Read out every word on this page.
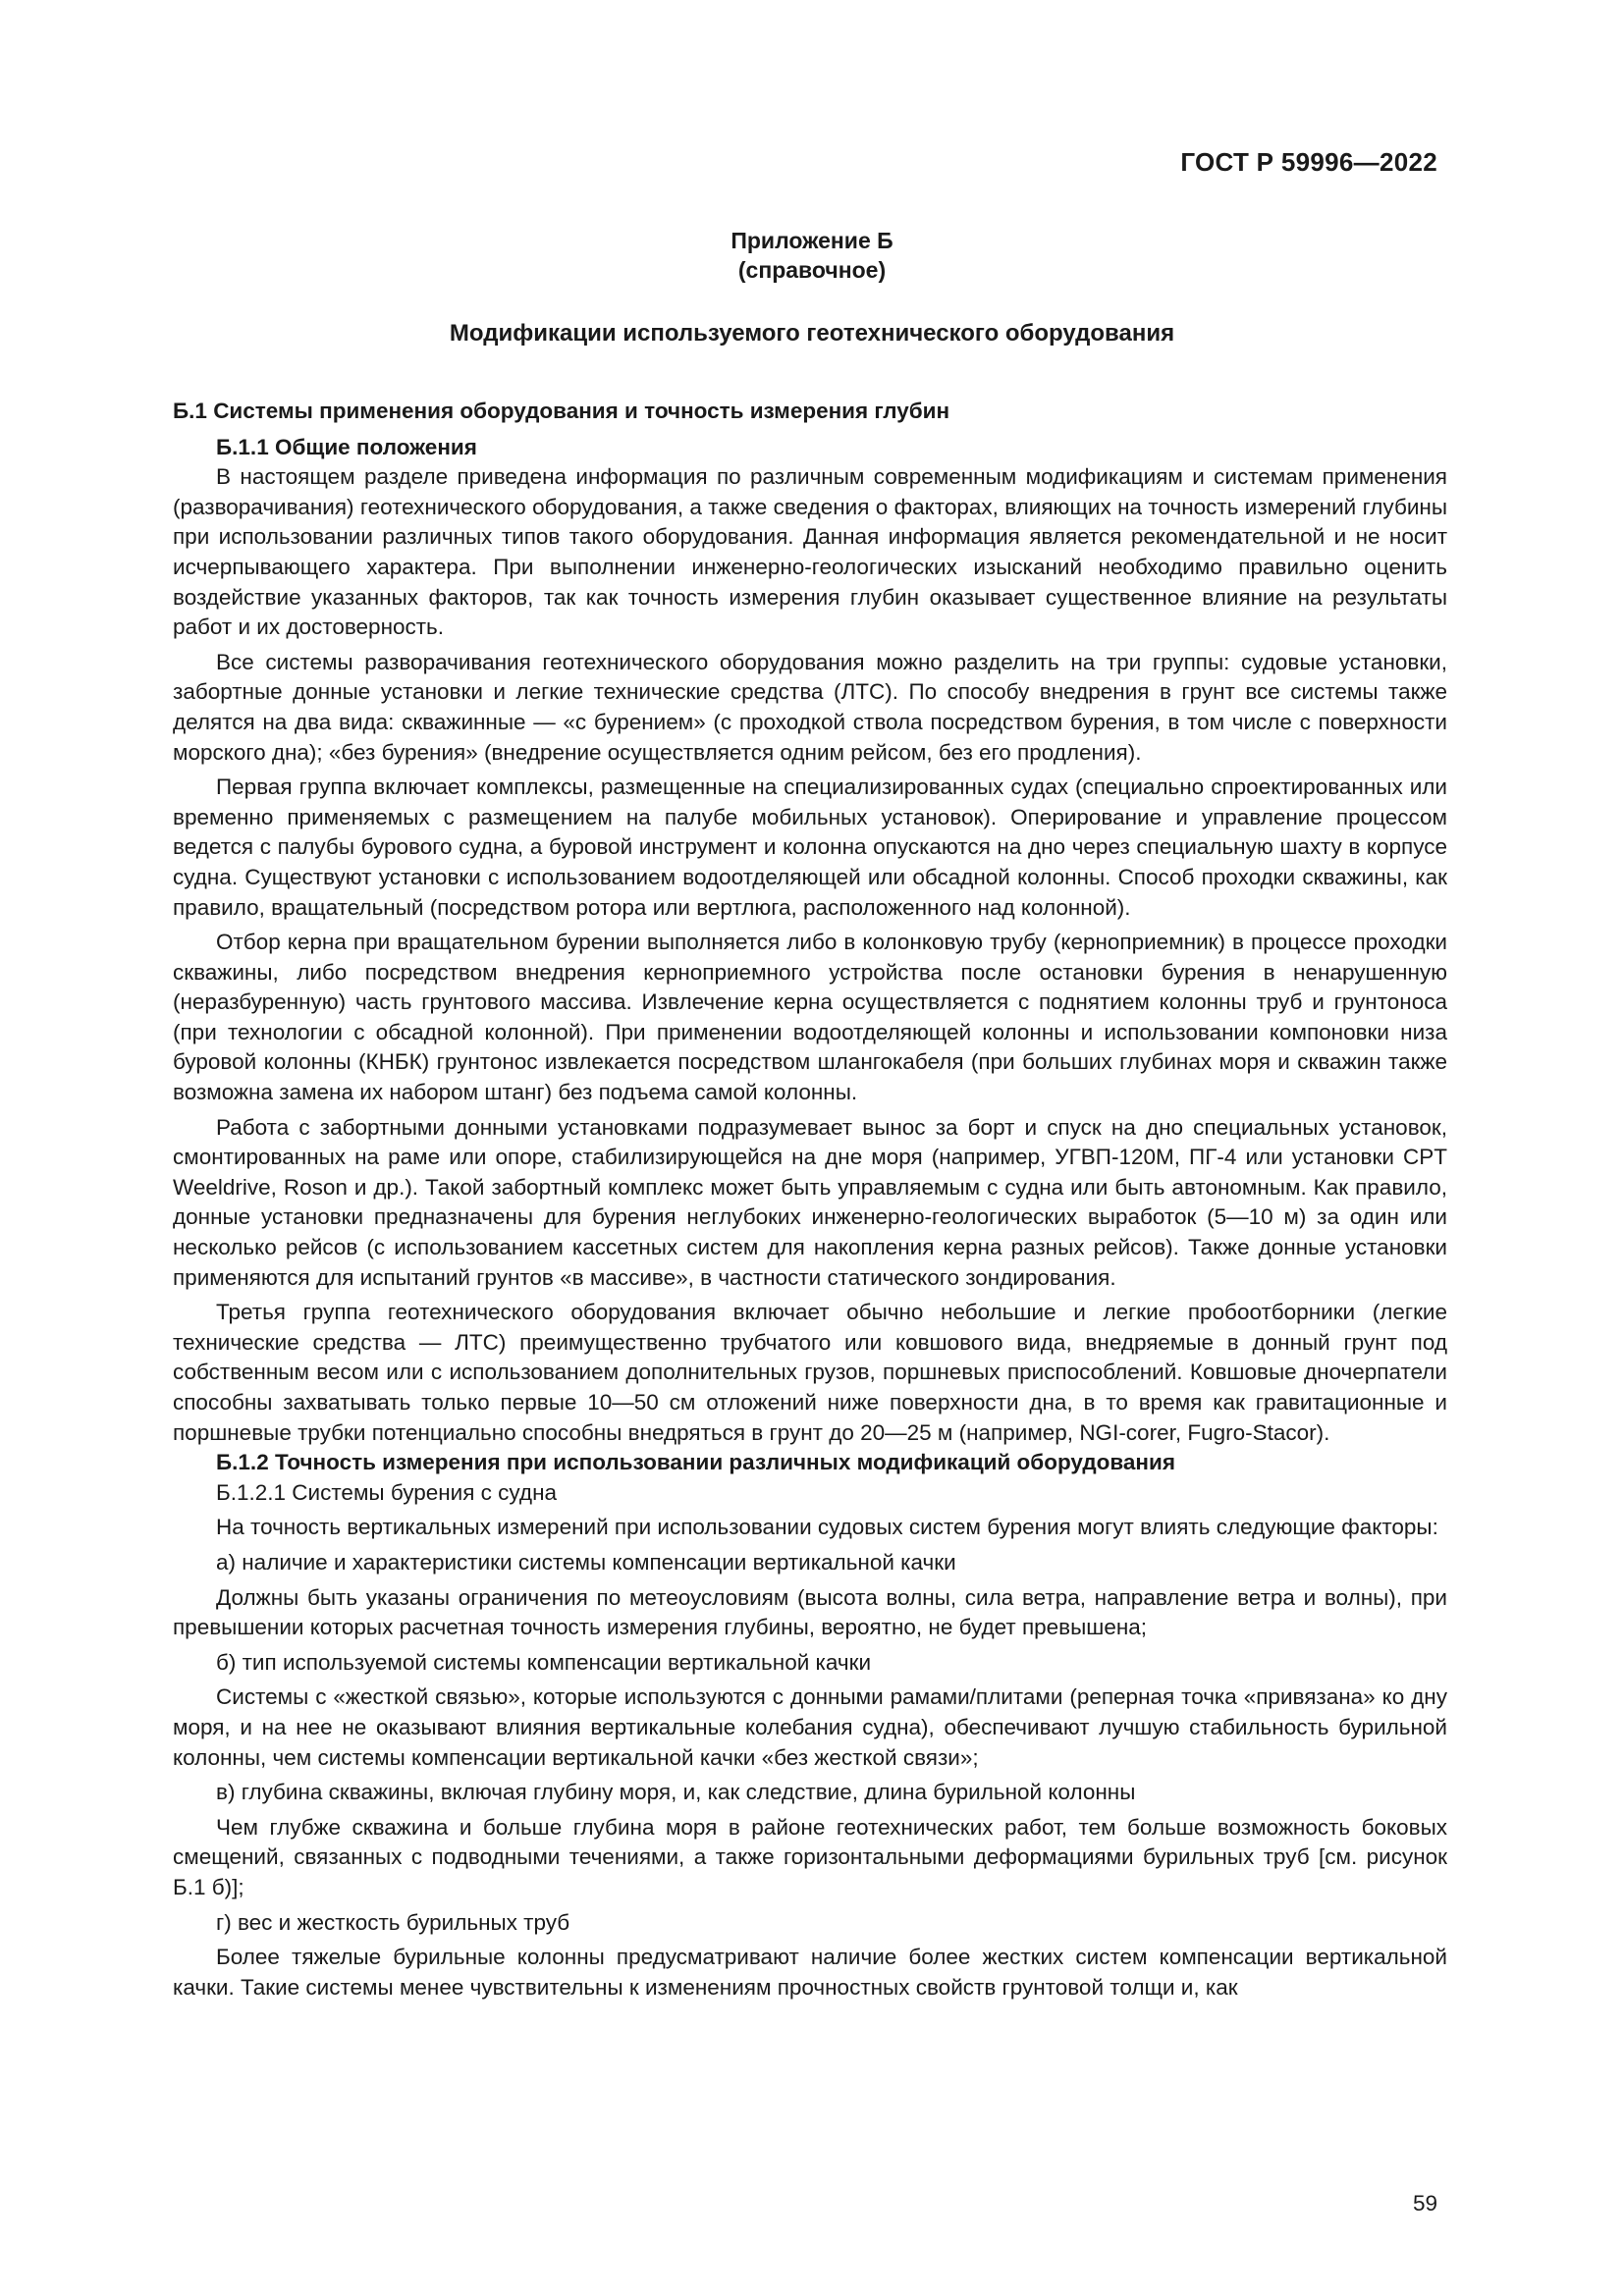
ГОСТ Р 59996—2022
Приложение Б
(справочное)
Модификации используемого геотехнического оборудования

Б.1 Системы применения оборудования и точность измерения глубин

Б.1.1 Общие положения

В настоящем разделе приведена информация по различным современным модификациям и системам применения (разворачивания) геотехнического оборудования, а также сведения о факторах, влияющих на точность измерений глубины при использовании различных типов такого оборудования. Данная информация является рекомендательной и не носит исчерпывающего характера. При выполнении инженерно-геологических изысканий необходимо правильно оценить воздействие указанных факторов, так как точность измерения глубин оказывает существенное влияние на результаты работ и их достоверность.

Все системы разворачивания геотехнического оборудования можно разделить на три группы: судовые установки, забортные донные установки и легкие технические средства (ЛТС). По способу внедрения в грунт все системы также делятся на два вида: скважинные — «с бурением» (с проходкой ствола посредством бурения, в том числе с поверхности морского дна); «без бурения» (внедрение осуществляется одним рейсом, без его продления).

Первая группа включает комплексы, размещенные на специализированных судах (специально спроектированных или временно применяемых с размещением на палубе мобильных установок). Оперирование и управление процессом ведется с палубы бурового судна, а буровой инструмент и колонна опускаются на дно через специальную шахту в корпусе судна. Существуют установки с использованием водоотделяющей или обсадной колонны. Способ проходки скважины, как правило, вращательный (посредством ротора или вертлюга, расположенного над колонной).

Отбор керна при вращательном бурении выполняется либо в колонковую трубу (керноприемник) в процессе проходки скважины, либо посредством внедрения керноприемного устройства после остановки бурения в ненарушенную (неразбуренную) часть грунтового массива. Извлечение керна осуществляется с поднятием колонны труб и грунтоноса (при технологии с обсадной колонной). При применении водоотделяющей колонны и использовании компоновки низа буровой колонны (КНБК) грунтонос извлекается посредством шлангокабеля (при больших глубинах моря и скважин также возможна замена их набором штанг) без подъема самой колонны.

Работа с забортными донными установками подразумевает вынос за борт и спуск на дно специальных установок, смонтированных на раме или опоре, стабилизирующейся на дне моря (например, УГВП-120М, ПГ-4 или установки CPT Weeldrive, Roson и др.). Такой забортный комплекс может быть управляемым с судна или быть автономным. Как правило, донные установки предназначены для бурения неглубоких инженерно-геологических выработок (5—10 м) за один или несколько рейсов (с использованием кассетных систем для накопления керна разных рейсов). Также донные установки применяются для испытаний грунтов «в массиве», в частности статического зондирования.

Третья группа геотехнического оборудования включает обычно небольшие и легкие пробоотборники (легкие технические средства — ЛТС) преимущественно трубчатого или ковшового вида, внедряемые в донный грунт под собственным весом или с использованием дополнительных грузов, поршневых приспособлений. Ковшовые дночерпатели способны захватывать только первые 10—50 см отложений ниже поверхности дна, в то время как гравитационные и поршневые трубки потенциально способны внедряться в грунт до 20—25 м (например, NGI-corer, Fugro-Stacor).

Б.1.2 Точность измерения при использовании различных модификаций оборудования

Б.1.2.1 Системы бурения с судна

На точность вертикальных измерений при использовании судовых систем бурения могут влиять следующие факторы:

а) наличие и характеристики системы компенсации вертикальной качки

Должны быть указаны ограничения по метеоусловиям (высота волны, сила ветра, направление ветра и волны), при превышении которых расчетная точность измерения глубины, вероятно, не будет превышена;

б) тип используемой системы компенсации вертикальной качки

Системы с «жесткой связью», которые используются с донными рамами/плитами (реперная точка «привязана» ко дну моря, и на нее не оказывают влияния вертикальные колебания судна), обеспечивают лучшую стабильность бурильной колонны, чем системы компенсации вертикальной качки «без жесткой связи»;

в) глубина скважины, включая глубину моря, и, как следствие, длина бурильной колонны

Чем глубже скважина и больше глубина моря в районе геотехнических работ, тем больше возможность боковых смещений, связанных с подводными течениями, а также горизонтальными деформациями бурильных труб [см. рисунок Б.1 б)];

г) вес и жесткость бурильных труб

Более тяжелые бурильные колонны предусматривают наличие более жестких систем компенсации вертикальной качки. Такие системы менее чувствительны к изменениям прочностных свойств грунтовой толщи и, как

59
